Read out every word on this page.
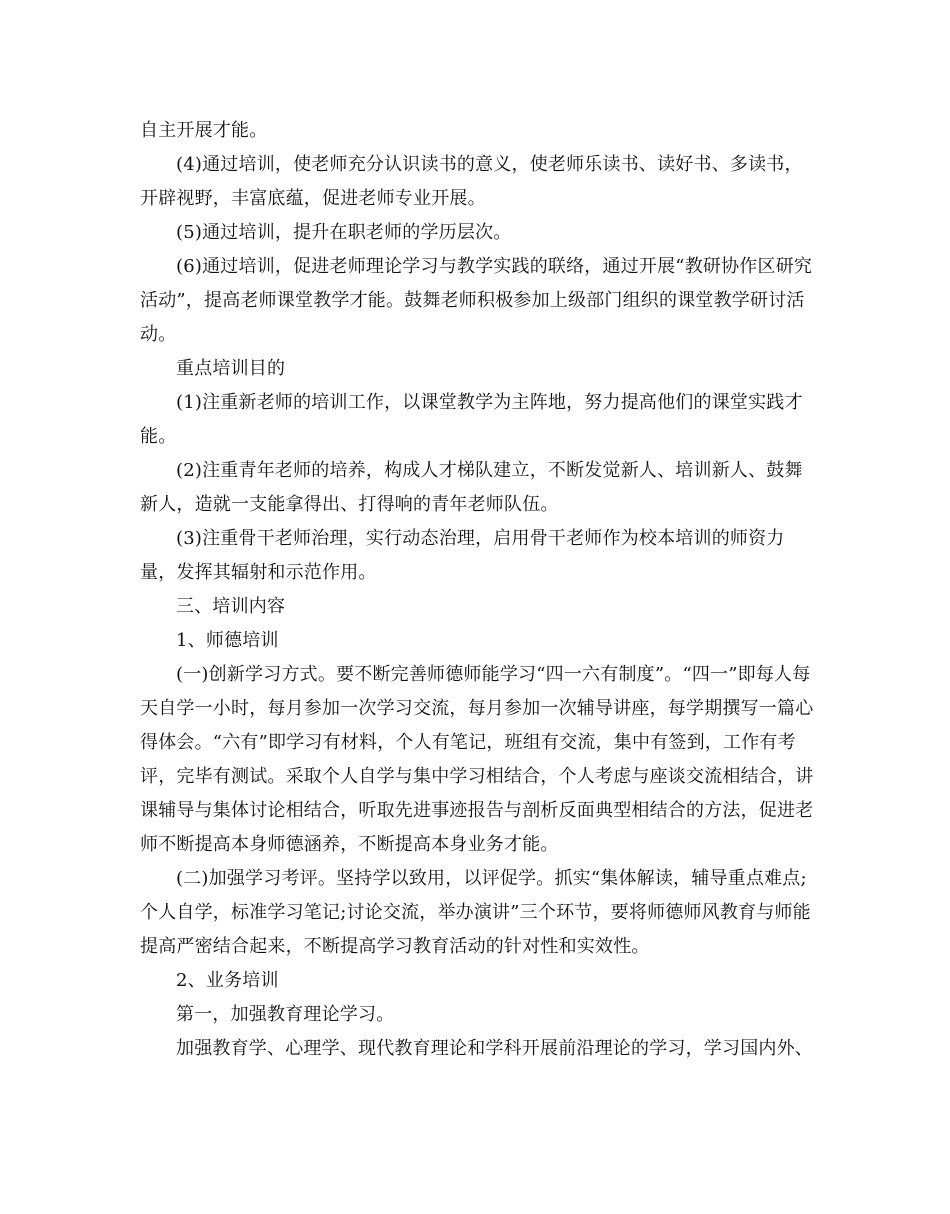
自主开展才能。

(4)通过培训，使老师充分认识读书的意义，使老师乐读书、读好书、多读书，开辟视野，丰富底蕴，促进老师专业开展。

(5)通过培训，提升在职老师的学历层次。

(6)通过培训，促进老师理论学习与教学实践的联络，通过开展“教研协作区研究活动”，提高老师课堂教学才能。鼓舞老师积极参加上级部门组织的课堂教学研讨活动。

重点培训目的

(1)注重新老师的培训工作，以课堂教学为主阵地，努力提高他们的课堂实践才能。

(2)注重青年老师的培养，构成人才梯队建立，不断发觉新人、培训新人、鼓舞新人，造就一支能拿得出、打得响的青年老师队伍。

(3)注重骨干老师治理，实行动态治理，启用骨干老师作为校本培训的师资力量，发挥其辐射和示范作用。

三、培训内容

1、师德培训

(一)创新学习方式。要不断完善师德师能学习“四一六有制度”。“四一”即每人每天自学一小时，每月参加一次学习交流，每月参加一次辅导讲座，每学期撰写一篇心得体会。“六有”即学习有材料，个人有笔记，班组有交流，集中有签到，工作有考评，完毕有测试。采取个人自学与集中学习相结合，个人考虑与座谈交流相结合，讲课辅导与集体讨论相结合，听取先进事迹报告与剖析反面典型相结合的方法，促进老师不断提高本身师德涵养，不断提高本身业务才能。

(二)加强学习考评。坚持学以致用，以评促学。抓实“集体解读，辅导重点难点;个人自学，标准学习笔记;讨论交流，举办演讲”三个环节，要将师德师风教育与师能提高严密结合起来，不断提高学习教育活动的针对性和实效性。

2、业务培训

第一，加强教育理论学习。

加强教育学、心理学、现代教育理论和学科开展前沿理论的学习，学习国内外、
